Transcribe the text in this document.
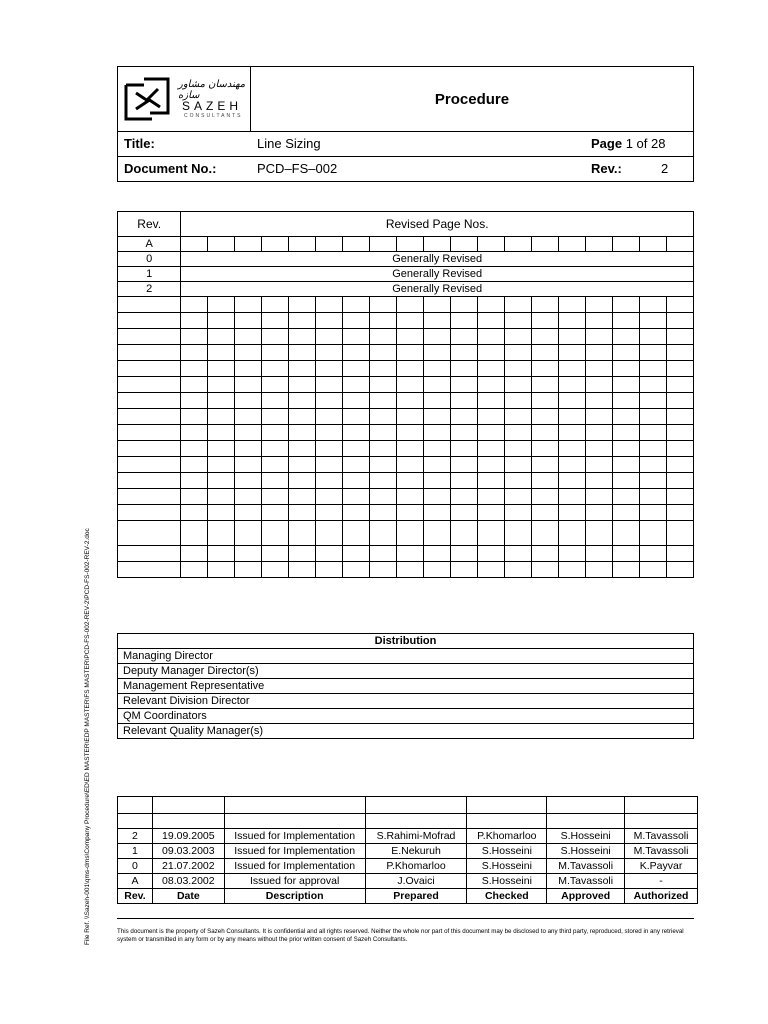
مهندسان مشاور سازه
SAZEH
CONSULTANTS
Procedure
Title:	Line Sizing	Page 1 of 28
Document No.:	PCD–FS–002	Rev.:	2
Rev.	Revised Page Nos.																		
A																			
0	Generally Revised																		
1	Generally Revised																		
2	Generally Revised																		

Distribution
Managing Director
Deputy Manager Director(s)
Management Representative
Relevant Division Director
QM Coordinators
Relevant Quality Manager(s)

2	19.09.2005	Issued for Implementation	S.Rahimi-Mofrad	P.Khomarloo	S.Hosseini	M.Tavassoli
1	09.03.2003	Issued for Implementation	E.Nekuruh	S.Hosseini	S.Hosseini	M.Tavassoli
0	21.07.2002	Issued for Implementation	P.Khomarloo	S.Hosseini	M.Tavassoli	K.Payvar
A	08.03.2002	Issued for approval	J.Ovaici	S.Hosseini	M.Tavassoli	-
Rev.	Date	Description	Prepared	Checked	Approved	Authorized
This document is the property of Sazeh Consultants. It is confidential and all rights reserved. Neither the whole nor part of this document may be disclosed to any third party, reproduced, stored in any retrieval system or transmitted in any form or by any means without the prior written consent of Sazeh Consultants.
File Ref. \\Sazeh-001\qms-dms\Company Procedure\ED\ED MASTER\EDP MASTER\FS MASTER\PCD-FS-002-REV-2\PCD-FS-002-REV-2.doc
